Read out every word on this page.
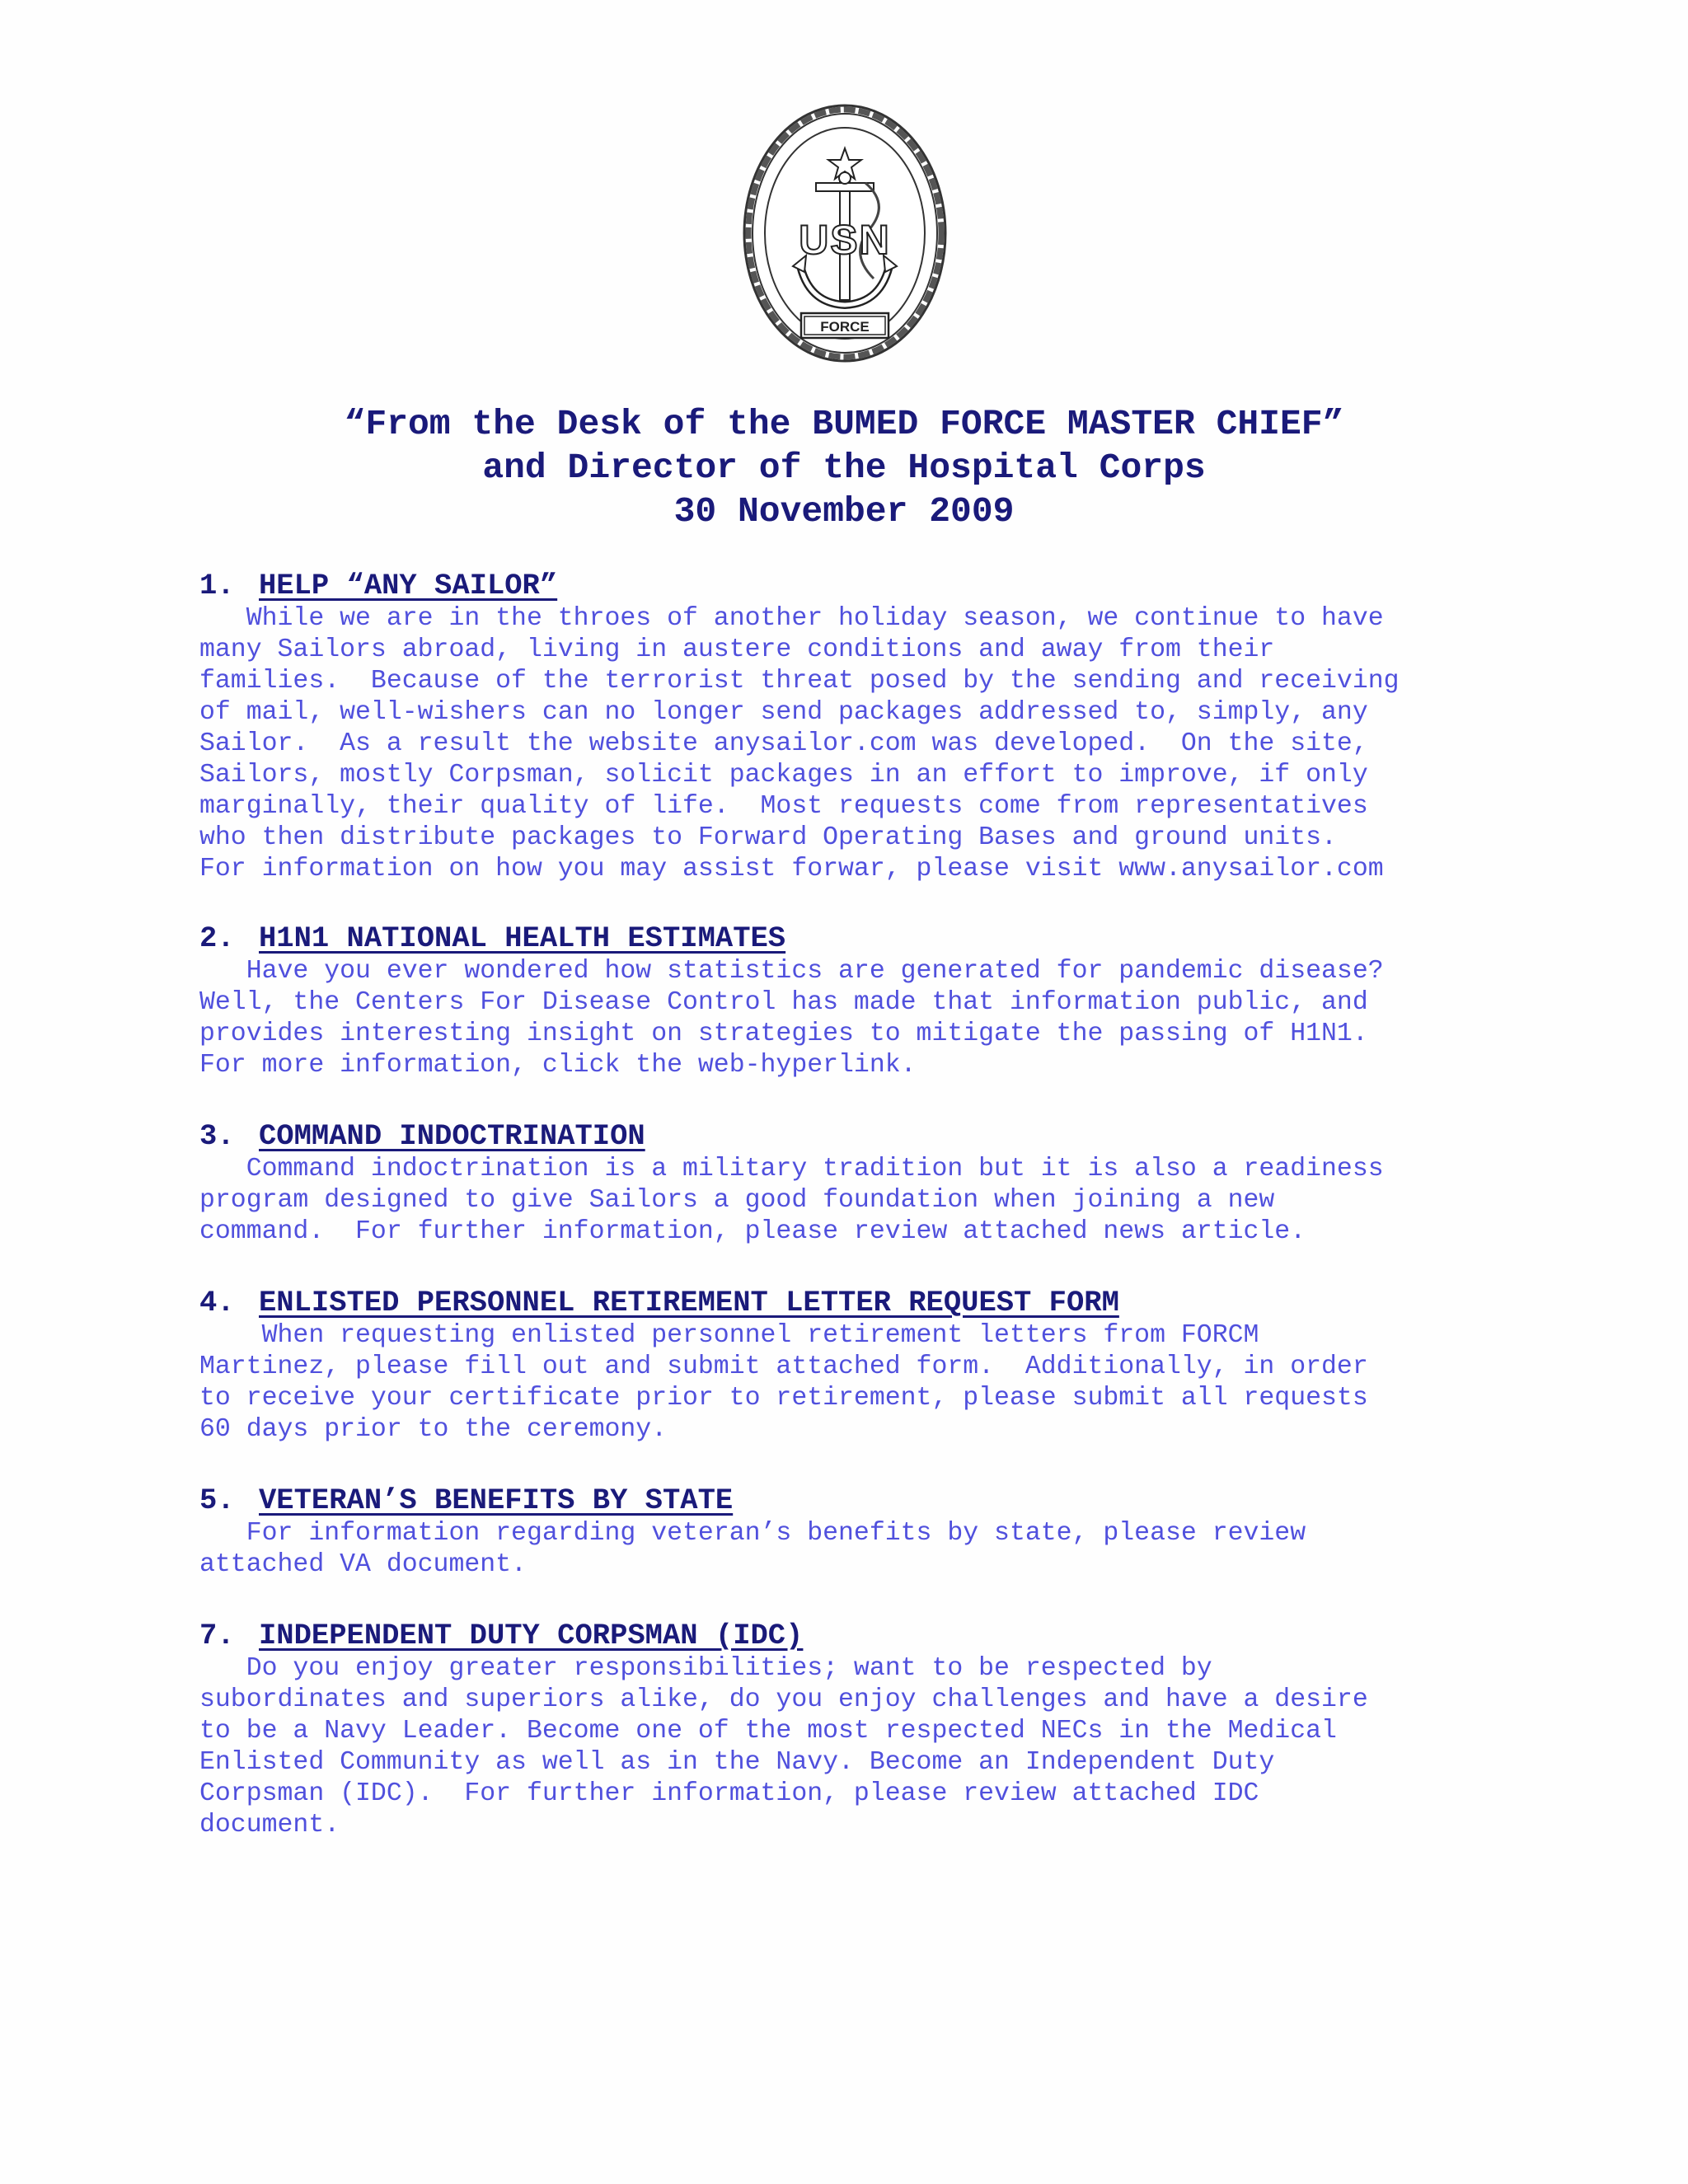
USN
FORCE
“From the Desk of the BUMED FORCE MASTER CHIEF”
and Director of the Hospital Corps
30 November 2009
1. HELP “ANY SAILOR”
While we are in the throes of another holiday season, we continue to have
many Sailors abroad, living in austere conditions and away from their
families.  Because of the terrorist threat posed by the sending and receiving
of mail, well-wishers can no longer send packages addressed to, simply, any
Sailor.  As a result the website anysailor.com was developed.  On the site,
Sailors, mostly Corpsman, solicit packages in an effort to improve, if only
marginally, their quality of life.  Most requests come from representatives
who then distribute packages to Forward Operating Bases and ground units.
For information on how you may assist forwar, please visit www.anysailor.com
2. H1N1 NATIONAL HEALTH ESTIMATES
Have you ever wondered how statistics are generated for pandemic disease?
Well, the Centers For Disease Control has made that information public, and
provides interesting insight on strategies to mitigate the passing of H1N1.
For more information, click the web-hyperlink.
3. COMMAND INDOCTRINATION
Command indoctrination is a military tradition but it is also a readiness
program designed to give Sailors a good foundation when joining a new
command.  For further information, please review attached news article.
4. ENLISTED PERSONNEL RETIREMENT LETTER REQUEST FORM
When requesting enlisted personnel retirement letters from FORCM
Martinez, please fill out and submit attached form.  Additionally, in order
to receive your certificate prior to retirement, please submit all requests
60 days prior to the ceremony.
5. VETERAN’S BENEFITS BY STATE
For information regarding veteran’s benefits by state, please review
attached VA document.
7. INDEPENDENT DUTY CORPSMAN (IDC)
Do you enjoy greater responsibilities; want to be respected by
subordinates and superiors alike, do you enjoy challenges and have a desire
to be a Navy Leader. Become one of the most respected NECs in the Medical
Enlisted Community as well as in the Navy. Become an Independent Duty
Corpsman (IDC).  For further information, please review attached IDC
document.
